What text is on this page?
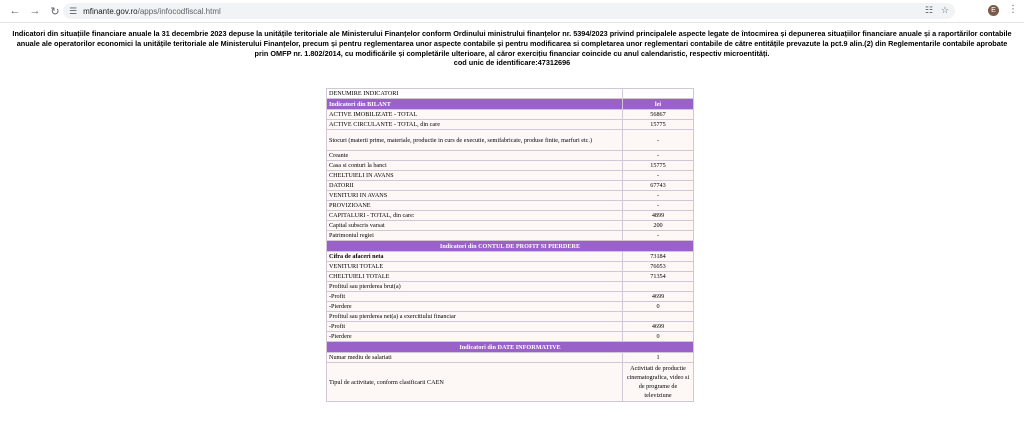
← → ↻ ☰ mfinante.gov.ro/apps/infocodfiscal.html	☷ ☆	E	⋮
Indicatori din situațiile financiare anuale la 31 decembrie 2023 depuse la unitățile teritoriale ale Ministerului Finanțelor conform Ordinului ministrului finanțelor nr. 5394/2023 privind principalele aspecte legate de întocmirea și depunerea situațiilor financiare anuale și a raportărilor contabile
anuale ale operatorilor economici la unitățile teritoriale ale Ministerului Finanțelor, precum și pentru reglementarea unor aspecte contabile și pentru modificarea si completarea unor reglementari contabile de către entitățile prevazute la pct.9 alin.(2) din Reglementarile contabile aprobate
prin OMFP nr. 1.802/2014, cu modificările și completările ulterioare, al căror exercițiu financiar coincide cu anul calendaristic, respectiv microentități.
cod unic de identificare:47312696
DENUMIRE INDICATORI	
Indicatori din BILANT	lei
ACTIVE IMOBILIZATE - TOTAL	56867
ACTIVE CIRCULANTE - TOTAL, din care	15775
Stocuri (materii prime, materiale, productie in curs de executie, semifabricate, produse finite, marfuri etc.)	-
Creante	-
Casa si conturi la banci	15775
CHELTUIELI IN AVANS	-
DATORII	67743
VENITURI IN AVANS	-
PROVIZIOANE	-
CAPITALURI - TOTAL, din care:	4899
Capital subscris varsat	200
Patrimoniul regiei	-
Indicatori din CONTUL DE PROFIT SI PIERDERE	
Cifra de afaceri neta	73184
VENITURI TOTALE	76053
CHELTUIELI TOTALE	71354
Profitul sau pierderea brut(a)	
-Profit	4699
-Pierdere	0
Profitul sau pierderea net(a) a exercitiului financiar	
-Profit	4699
-Pierdere	0
Indicatori din DATE INFORMATIVE	
Numar mediu de salariati	1
Tipul de activitate, conform clasificarii CAEN	Activitati de productie cinematografica, video si de programe de televiziune
